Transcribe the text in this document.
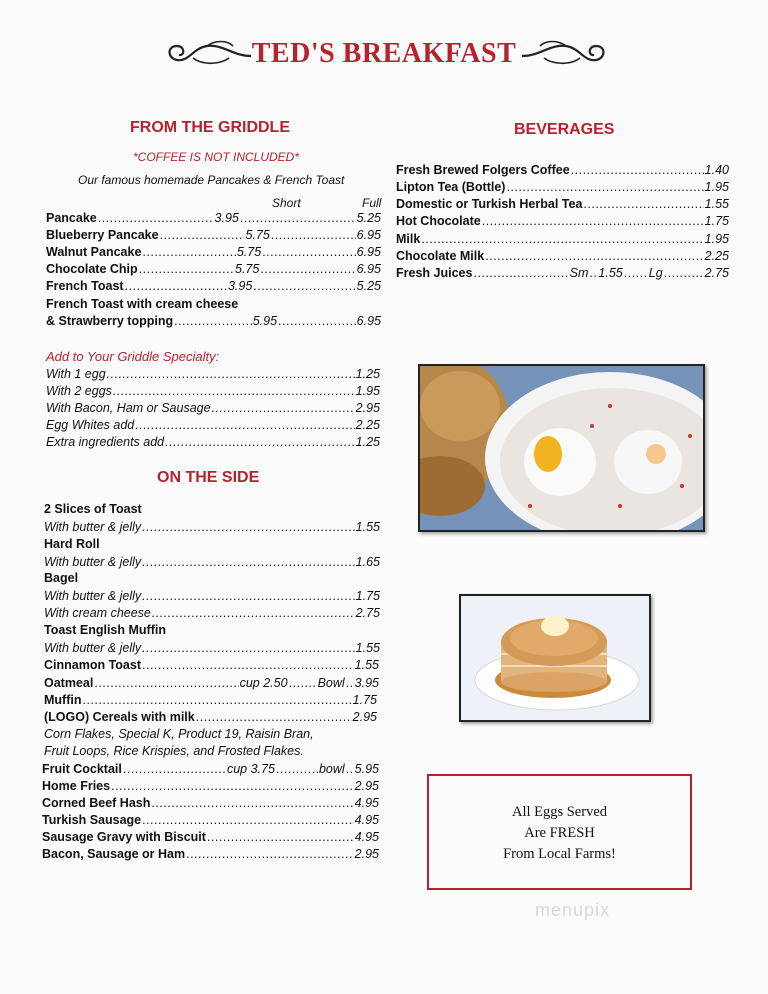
TED'S BREAKFAST
FROM THE GRIDDLE
*COFFEE IS NOT INCLUDED*
Our famous homemade Pancakes & French Toast
Short	Full
Pancake .....	3.95 .....	5.25
Blueberry Pancake .....	5.75 .....	6.95
Walnut Pancake .....	5.75 .....	6.95
Chocolate Chip .....	5.75 .....	6.95
French Toast .....	3.95 .....	5.25
French Toast with cream cheese
& Strawberry topping .....	5.95 .....	6.95
Add to Your Griddle Specialty:
With 1 egg .....	1.25
With 2 eggs .....	1.95
With Bacon, Ham or Sausage .....	2.95
Egg Whites add .....	2.25
Extra ingredients add .....	1.25
ON THE SIDE
2 Slices of Toast
With butter & jelly .....	1.55
Hard Roll
With butter & jelly .....	1.65
Bagel
With butter & jelly .....	1.75
With cream cheese .....	2.75
Toast English Muffin
With butter & jelly .....	1.55
Cinnamon Toast .....	1.55
Oatmeal .....	cup 2.50 ..... Bowl ..... 3.95
Muffin .....	1.75
(LOGO) Cereals with milk .....	2.95
Corn Flakes, Special K, Product 19, Raisin Bran,
Fruit Loops, Rice Krispies, and Frosted Flakes.
Fruit Cocktail .....	cup 3.75 .....	bowl ..... 5.95
Home Fries .....	2.95
Corned Beef Hash .....	4.95
Turkish Sausage .....	4.95
Sausage Gravy with Biscuit .....	4.95
Bacon, Sausage or Ham .....	2.95
BEVERAGES
Fresh Brewed Folgers Coffee .....	1.40
Lipton Tea (Bottle) .....	1.95
Domestic or Turkish Herbal Tea .....	1.55
Hot Chocolate .....	1.75
Milk .....	1.95
Chocolate Milk .....	2.25
Fresh Juices .....	Sm ..... 1.55 ..... Lg .....	2.75
All Eggs Served
Are FRESH
From Local Farms!
menupix
